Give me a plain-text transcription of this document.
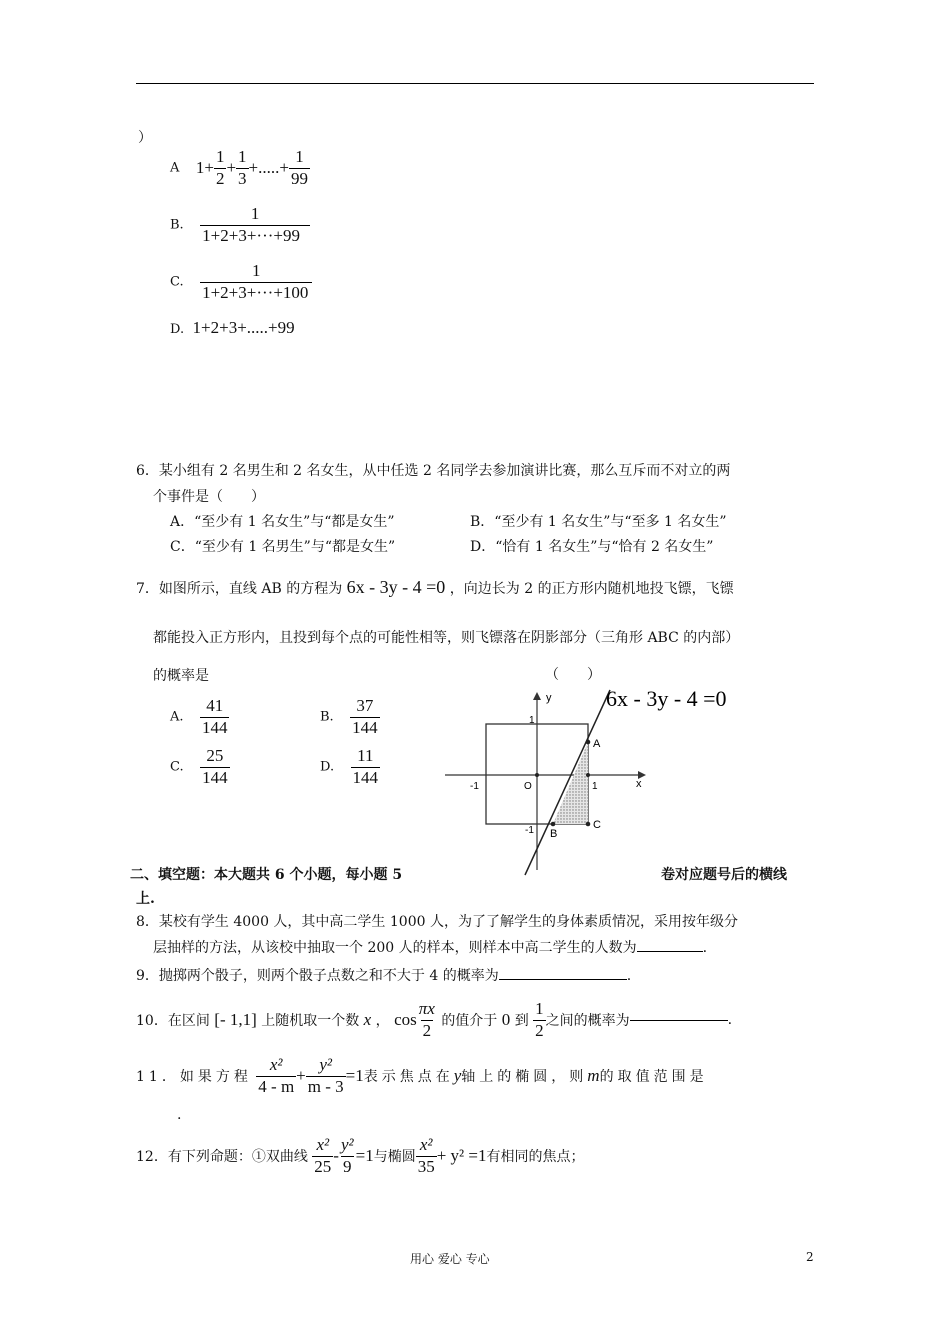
）
A $1+ \frac{1}{2} + \frac{1}{3}$ +.....+ $\frac{1}{99}$
B. $\frac{1}{1+2+3+\cdot\cdot\cdot+99}$
C. $\frac{1}{1+2+3+\cdot\cdot\cdot+100}$
D. 1+2+3+.....+99
6．某小组有 2 名男生和 2 名女生，从中任选 2 名同学去参加演讲比赛，那么互斥而不对立的两
个事件是（　　）
A．“至少有 1 名女生”与“都是女生”	B．“至少有 1 名女生”与“至多 1 名女生”
C．“至少有 1 名男生”与“都是女生”	D．“恰有 1 名女生”与“恰有 2 名女生”
7．如图所示，直线 AB 的方程为 6x - 3y - 4 =0 ，向边长为 2 的正方形内随机地投飞镖，飞镖
都能投入正方形内，且投到每个点的可能性相等，则飞镖落在阴影部分（三角形 ABC 的内部）
的概率是	（　　）
A. $\frac{41}{144}$	B. $\frac{37}{144}$
C. $\frac{25}{144}$	D. $\frac{11}{144}$
y
x
O
1
-1	1
-1
A
B
C
6x - 3y - 4 =0
二、填空题：本大题共 6 个小题，每小题 5	卷对应题号后的横线
上.
8．某校有学生 4000 人，其中高二学生 1000 人，为了了解学生的身体素质情况，采用按年级分
层抽样的方法，从该校中抽取一个 200 人的样本，则样本中高二学生的人数为	.
9．抛掷两个骰子，则两个骰子点数之和不大于 4 的概率为	.
10．在区间 [- 1,1] 上随机取一个数 x ， $\cos \frac{\pi x}{2}$ 的值介于 0 到 $\frac{1}{2}$ 之间的概率为	.
11．如果方程 $\frac{\text{x²}}{4 - m} + \frac{\text{y²}}{m - 3} =1$表示焦点在y轴上的椭圆，则m的取值范围是
.
12．有下列命题：①双曲线 $\frac{\text{x²}}{25} - \frac{\text{y²}}{9} =1$与椭圆 $\frac{\text{x²}}{35} + y^2 =1$有相同的焦点；
用心 爱心 专心	2
